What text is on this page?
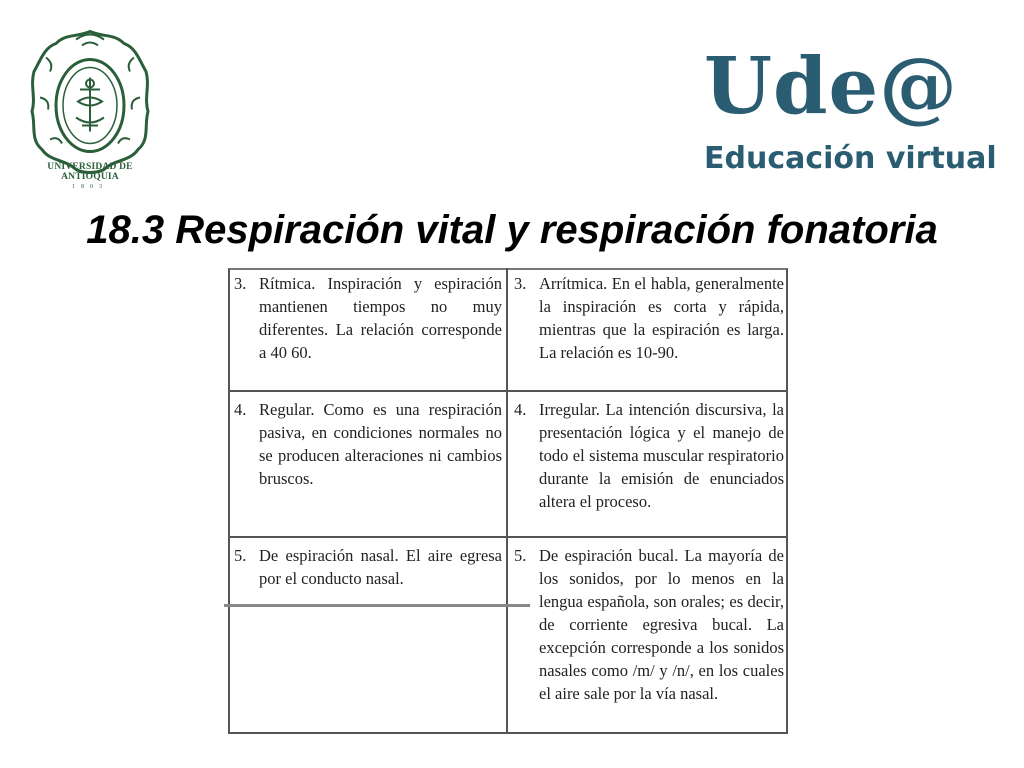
UNIVERSIDAD DE ANTIOQUIA
1803
Ude@
Educación virtual
18.3 Respiración vital y respiración fonatoria
3. Rítmica. Inspiración y espiración mantienen tiempos no muy diferentes. La relación corresponde a 40 60.
3. Arrítmica. En el habla, generalmente la inspiración es corta y rápida, mientras que la espiración es larga. La relación es 10-90.
4. Regular. Como es una respiración pasiva, en condiciones normales no se producen alteraciones ni cambios bruscos.
4. Irregular. La intención discursiva, la presentación lógica y el manejo de todo el sistema muscular respiratorio durante la emisión de enunciados altera el proceso.
5. De espiración nasal. El aire egresa por el conducto nasal.
5. De espiración bucal. La mayoría de los sonidos, por lo menos en la lengua española, son orales; es decir, de corriente egresiva bucal. La excepción corresponde a los sonidos nasales como /m/ y /n/, en los cuales el aire sale por la vía nasal.
